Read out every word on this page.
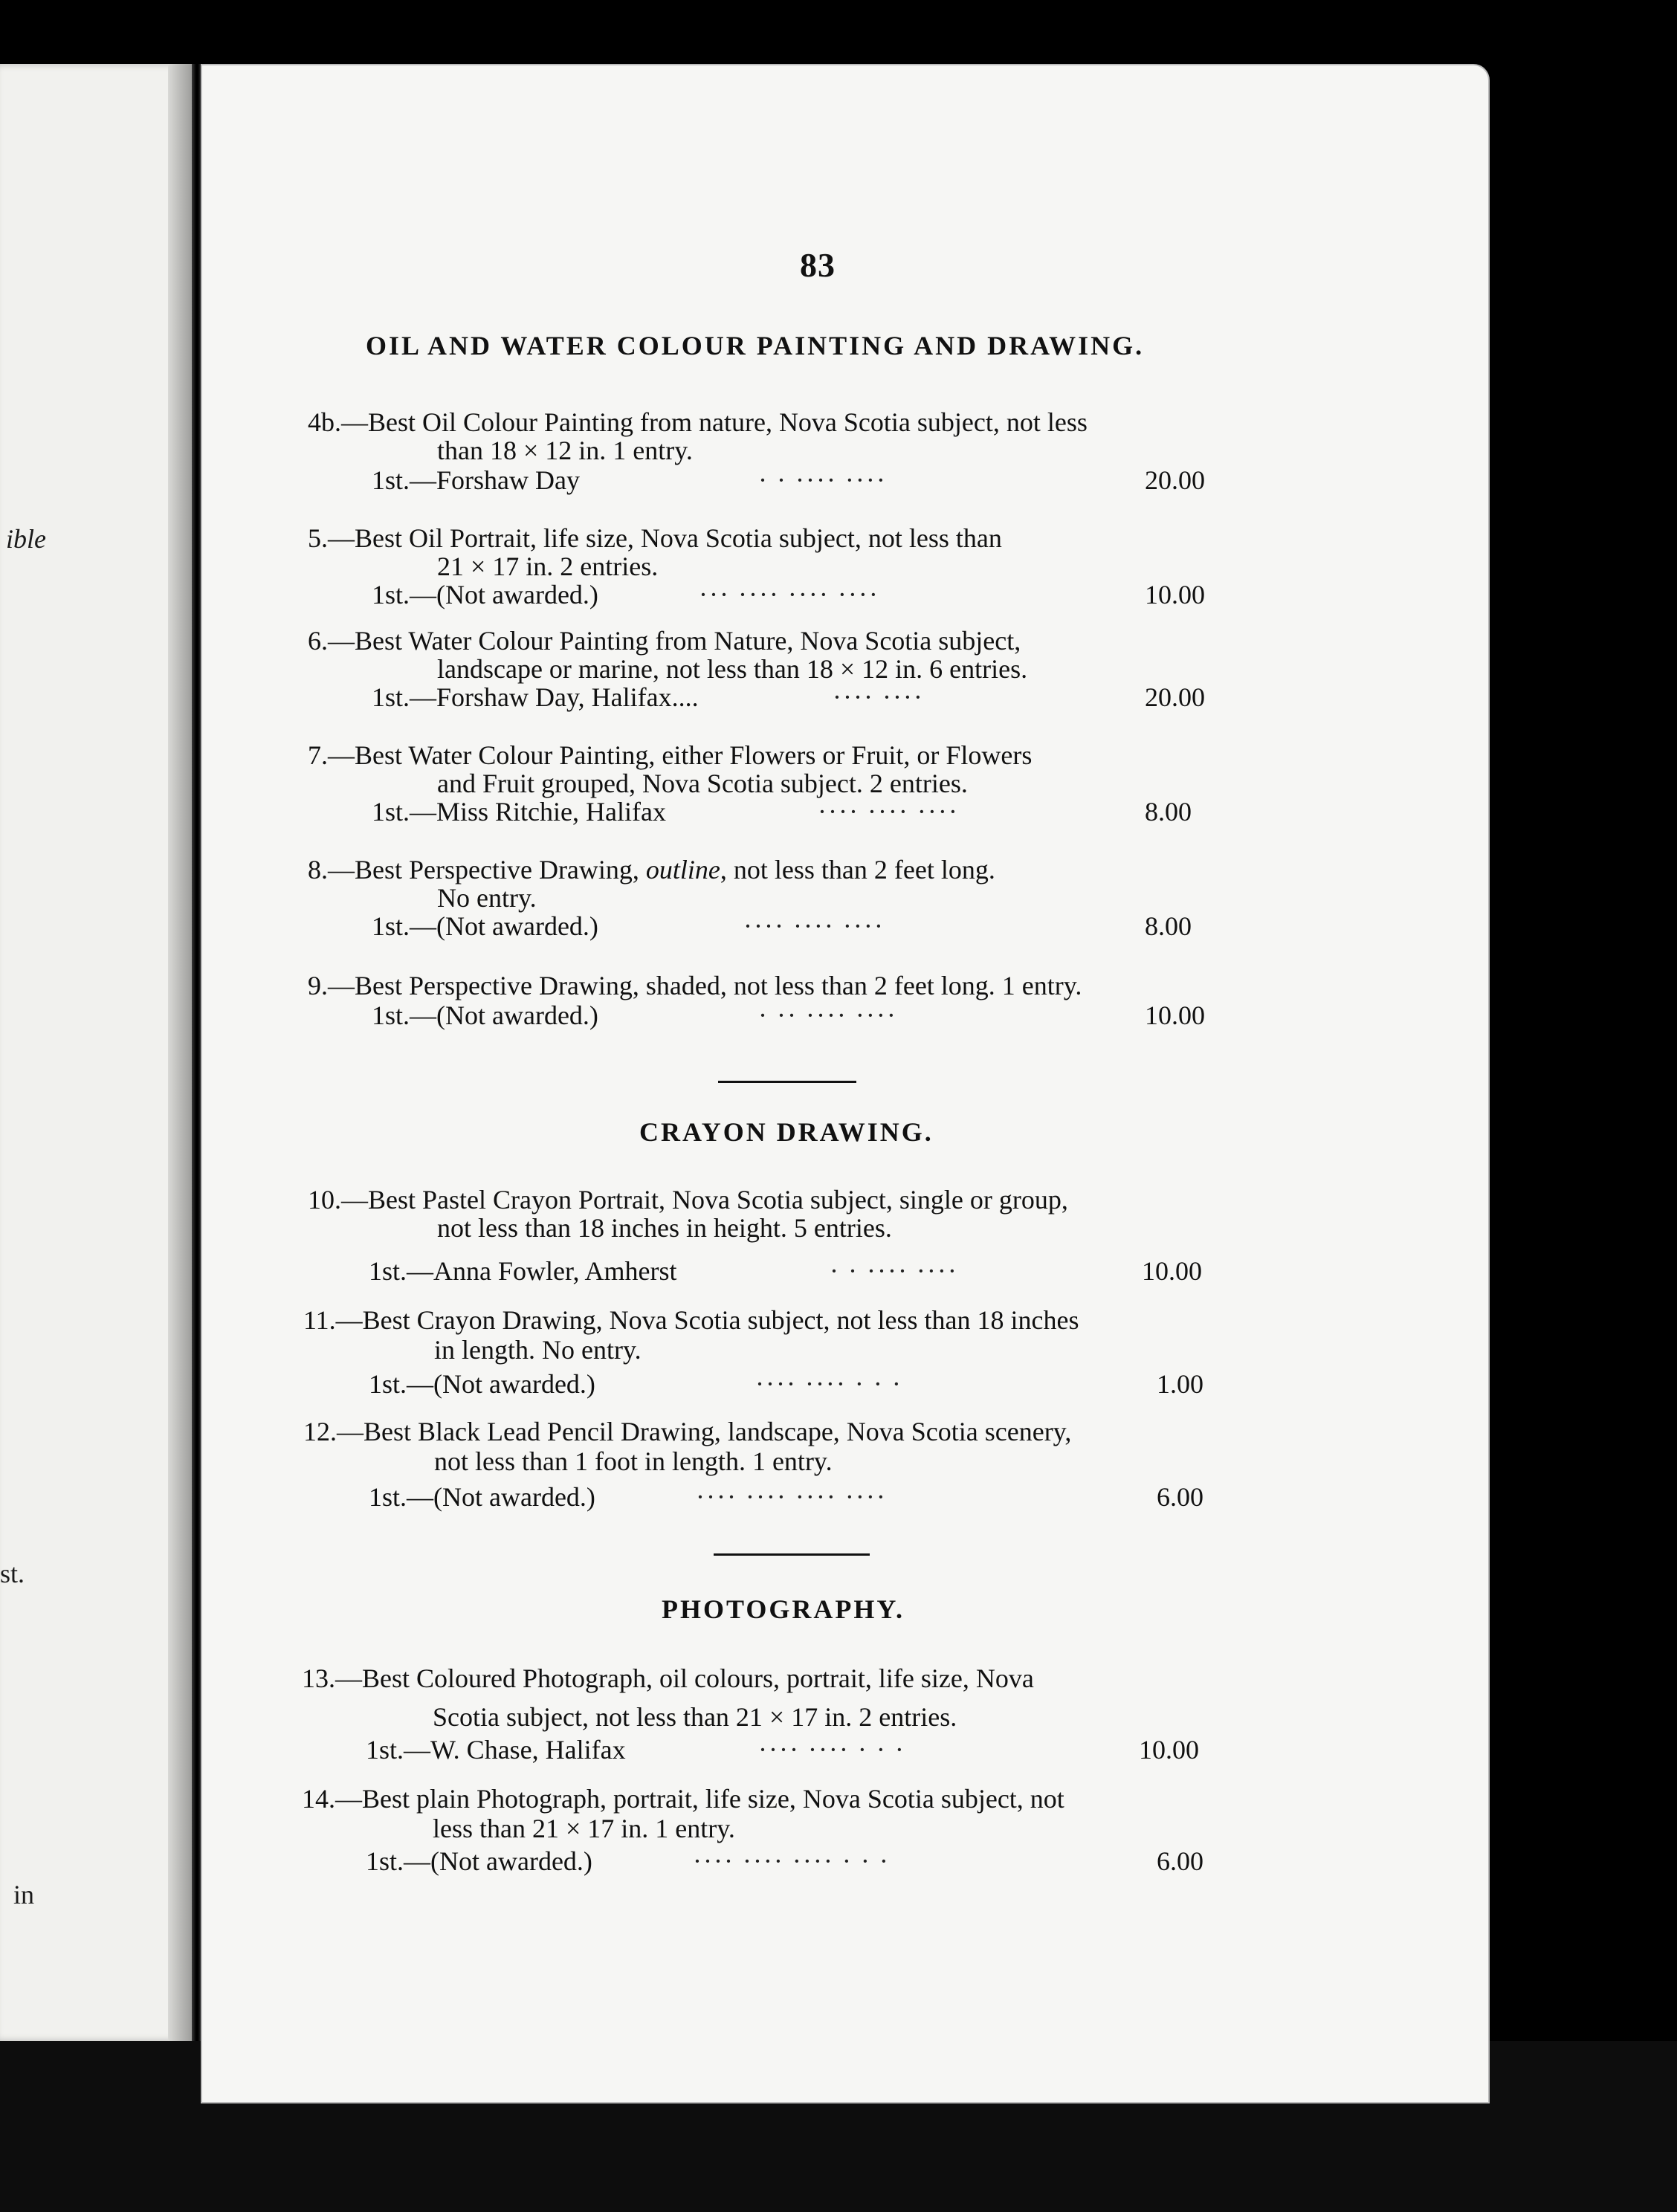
ible
st.
in
83
OIL AND WATER COLOUR PAINTING AND DRAWING.
4b.—Best Oil Colour Painting from nature, Nova Scotia subject, not less
than 18 × 12 in. 1 entry.
1st.—Forshaw Day	· · ···· ····	20.00
5.—Best Oil Portrait, life size, Nova Scotia subject, not less than
21 × 17 in. 2 entries.
1st.—(Not awarded.)	··· ···· ···· ····	10.00
6.—Best Water Colour Painting from Nature, Nova Scotia subject,
landscape or marine, not less than 18 × 12 in. 6 entries.
1st.—Forshaw Day, Halifax....	···· ····	20.00
7.—Best Water Colour Painting, either Flowers or Fruit, or Flowers
and Fruit grouped, Nova Scotia subject. 2 entries.
1st.—Miss Ritchie, Halifax	···· ···· ····	8.00
8.—Best Perspective Drawing, outline, not less than 2 feet long.
No entry.
1st.—(Not awarded.)	···· ···· ····	8.00
9.—Best Perspective Drawing, shaded, not less than 2 feet long. 1 entry.
1st.—(Not awarded.)	· ·· ···· ····	10.00
CRAYON DRAWING.
10.—Best Pastel Crayon Portrait, Nova Scotia subject, single or group,
not less than 18 inches in height. 5 entries.
1st.—Anna Fowler, Amherst	· · ···· ····	10.00
11.—Best Crayon Drawing, Nova Scotia subject, not less than 18 inches
in length. No entry.
1st.—(Not awarded.)	···· ···· · · ·	1.00
12.—Best Black Lead Pencil Drawing, landscape, Nova Scotia scenery,
not less than 1 foot in length. 1 entry.
1st.—(Not awarded.)	···· ···· ···· ····	6.00
PHOTOGRAPHY.
13.—Best Coloured Photograph, oil colours, portrait, life size, Nova
Scotia subject, not less than 21 × 17 in. 2 entries.
1st.—W. Chase, Halifax	···· ···· · · ·	10.00
14.—Best plain Photograph, portrait, life size, Nova Scotia subject, not
less than 21 × 17 in. 1 entry.
1st.—(Not awarded.)	···· ···· ···· · · ·	6.00
